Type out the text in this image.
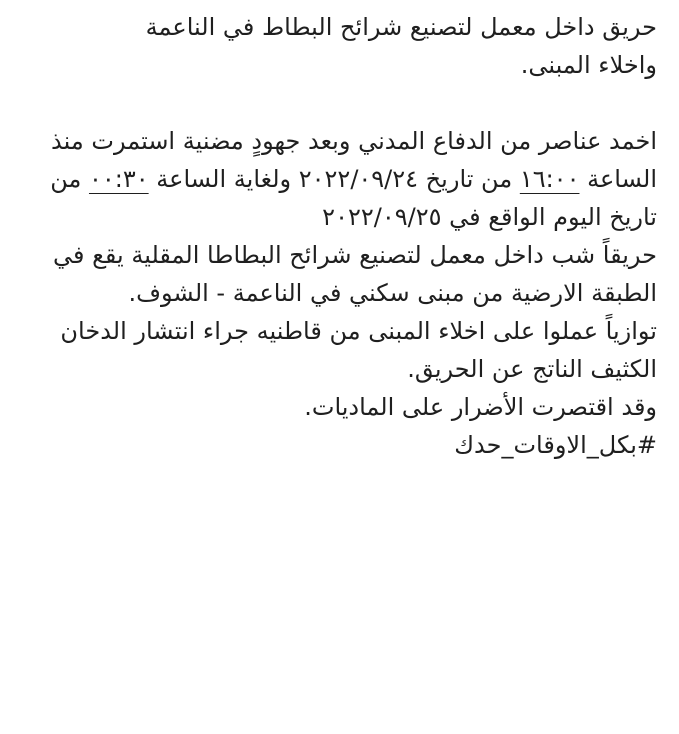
حريق داخل معمل لتصنيع شرائح البطاط في الناعمة
واخلاء المبنى.

اخمد عناصر من الدفاع المدني وبعد جهودٍ مضنية استمرت منذ الساعة ١٦:٠٠ من تاريخ ٢٠٢٢/٠٩/٢٤ ولغاية الساعة ٠٠:٣٠ من تاريخ اليوم الواقع في ٢٠٢٢/٠٩/٢٥
حريقاً شب داخل معمل لتصنيع شرائح البطاطا المقلية يقع في الطبقة الارضية من مبنى سكني في الناعمة - الشوف.
توازياً عملوا على اخلاء المبنى من قاطنيه جراء انتشار الدخان الكثيف الناتج عن الحريق.
وقد اقتصرت الأضرار على الماديات.

#بكل_الاوقات_حدك
